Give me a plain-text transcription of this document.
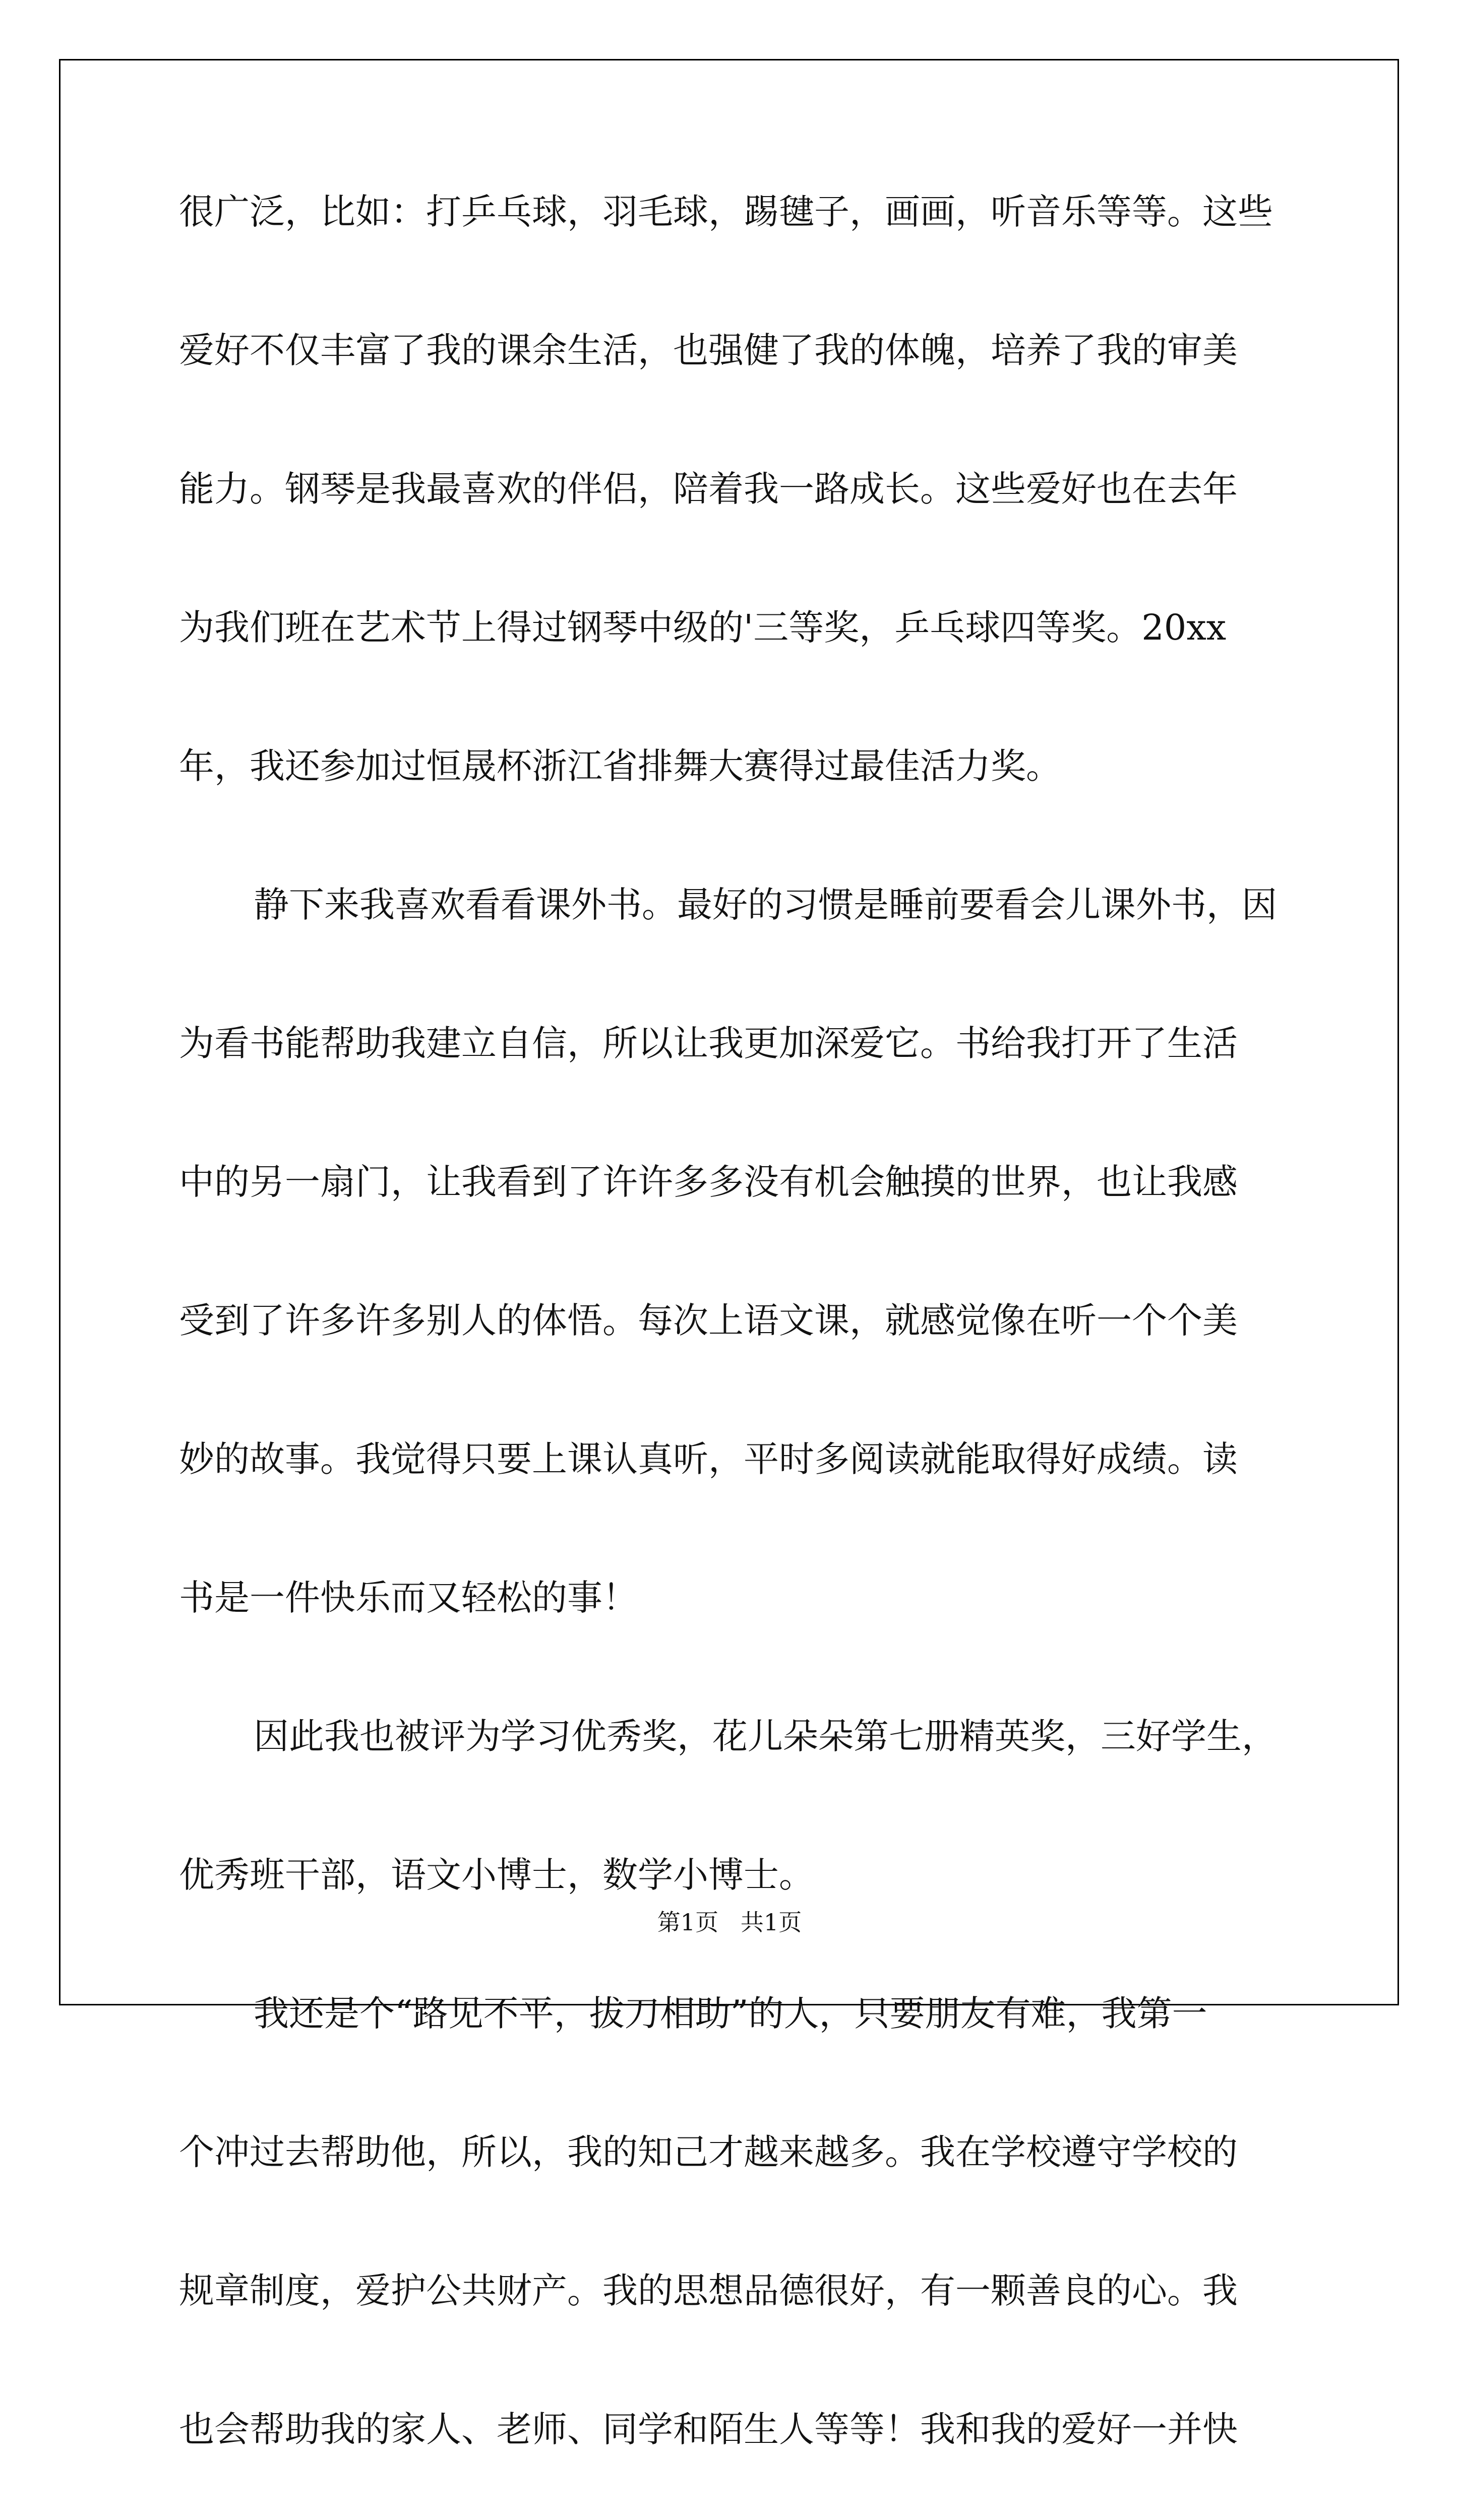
很广泛，比如：打乒乓球，羽毛球，踢毽子，画画，听音乐等等。这些
爱好不仅丰富了我的课余生活，也强健了我的体魄，培养了我的审美
能力。钢琴是我最喜欢的伴侣，陪着我一路成长。这些爱好也在去年
为我们班在艺术节上得过钢琴中级的'三等奖，乒乓球四等奖。20xx
年，我还参加过恒晟杯浙江省排舞大赛得过最佳活力奖。
静下来我喜欢看看课外书。最好的习惯是睡前要看会儿课外书，因
为看书能帮助我建立自信，所以让我更加深爱它。书给我打开了生活
中的另一扇门，让我看到了许许多多没有机会触摸的世界，也让我感
受到了许多许多别人的体悟。每次上语文课，就感觉像在听一个个美
妙的故事。我觉得只要上课认真听，平时多阅读就能取得好成绩。读
书是一件快乐而又轻松的事！
因此我也被评为学习优秀奖，花儿朵朵第七册精英奖，三好学生，
优秀班干部，语文小博士，数学小博士。
我还是个“路见不平，拔刀相助”的人，只要朋友有难，我第一
个冲过去帮助他，所以，我的知己才越来越多。我在学校遵守学校的
规章制度，爱护公共财产。我的思想品德很好，有一颗善良的心。我
也会帮助我的家人、老师、同学和陌生人等等！我和我的爱好一并快
第1页   共1页
